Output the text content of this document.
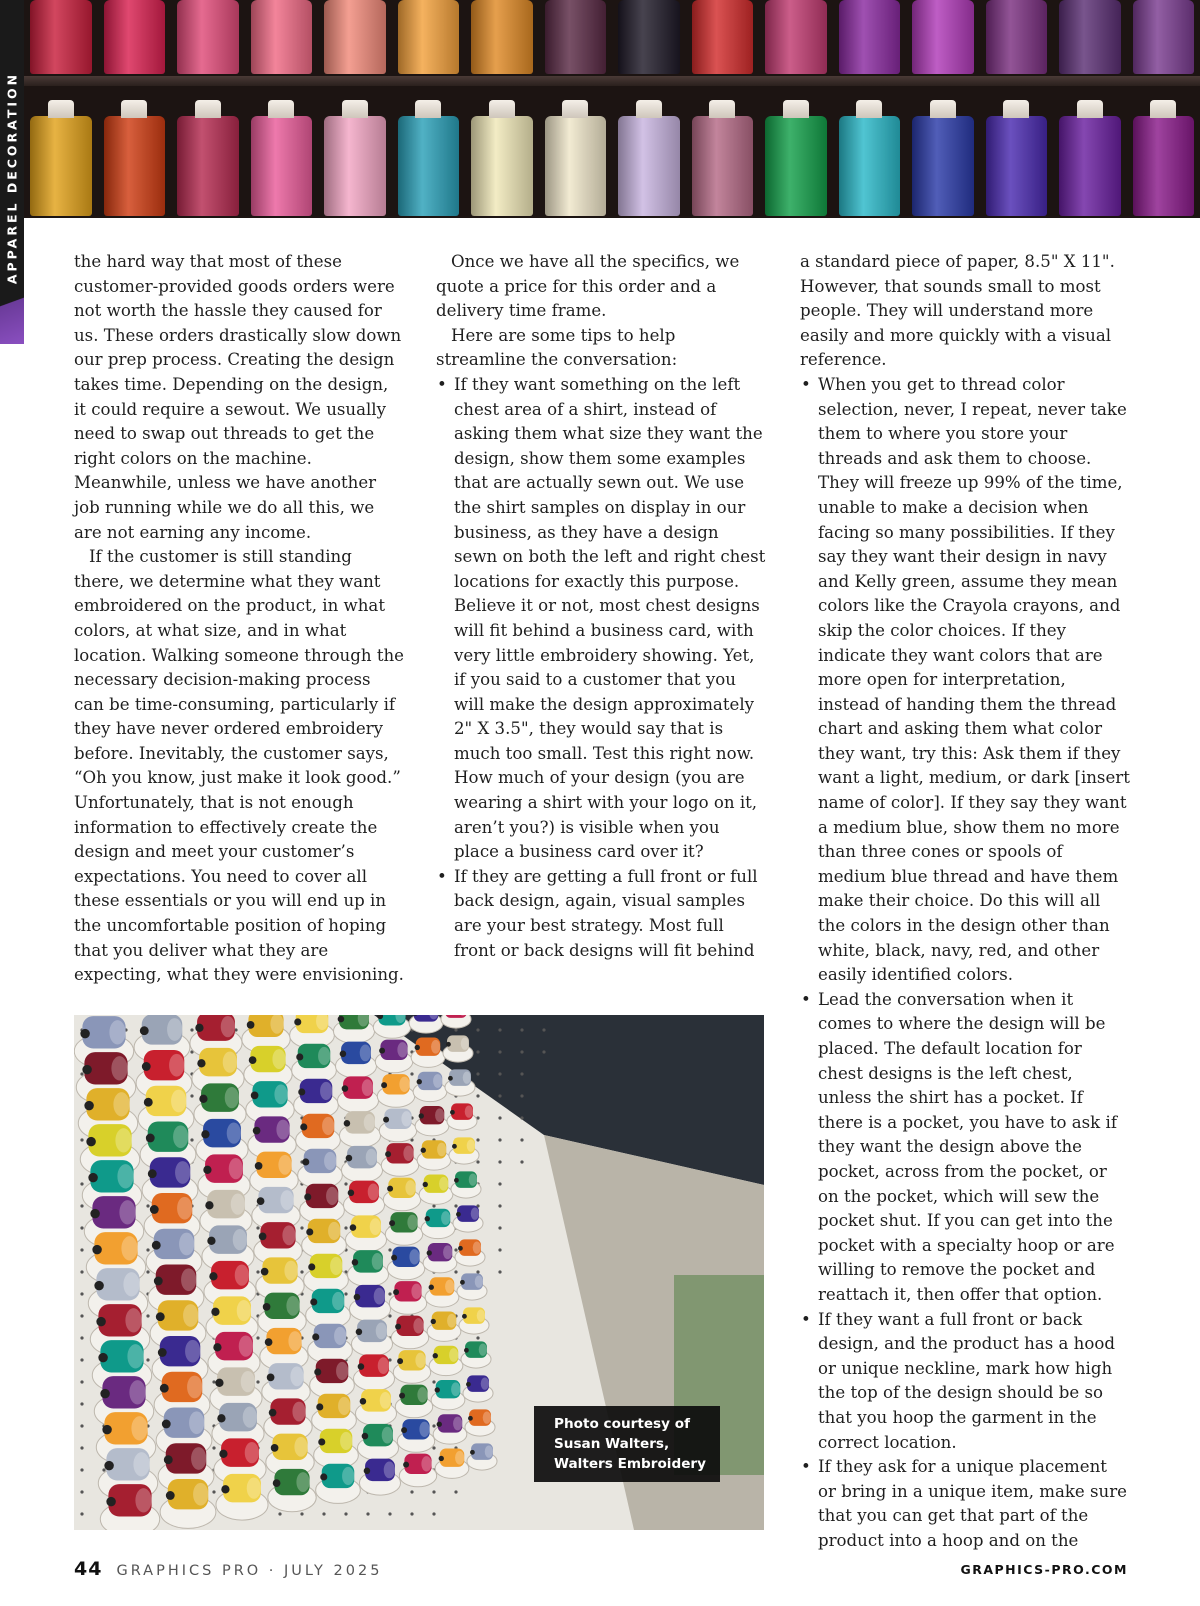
APPAREL DECORATION	the hard way that most of these customer-provided goods orders were not worth the hassle they caused for us. These orders drastically slow down our prep process. Creating the design takes time. Depending on the design, it could require a sewout. We usually need to swap out threads to get the right colors on the machine. Meanwhile, unless we have another job running while we do all this, we are not earning any income.

If the customer is still standing there, we determine what they want embroidered on the product, in what colors, at what size, and in what location. Walking someone through the necessary decision-making process can be time-consuming, particularly if they have never ordered embroidery before. Inevitably, the customer says, “Oh you know, just make it look good.” Unfortunately, that is not enough information to effectively create the design and meet your customer’s expectations. You need to cover all these essentials or you will end up in the uncomfortable position of hoping that you deliver what they are expecting, what they were envisioning.

Once we have all the specifics, we quote a price for this order and a delivery time frame.

Here are some tips to help streamline the conversation:

• If they want something on the left chest area of a shirt, instead of asking them what size they want the design, show them some examples that are actually sewn out. We use the shirt samples on display in our business, as they have a design sewn on both the left and right chest locations for exactly this purpose. Believe it or not, most chest designs will fit behind a business card, with very little embroidery showing. Yet, if you said to a customer that you will make the design approximately 2" X 3.5", they would say that is much too small. Test this right now. How much of your design (you are wearing a shirt with your logo on it, aren’t you?) is visible when you place a business card over it?
• If they are getting a full front or full back design, again, visual samples are your best strategy. Most full front or back designs will fit behind

a standard piece of paper, 8.5" X 11". However, that sounds small to most people. They will understand more easily and more quickly with a visual reference.

• When you get to thread color selection, never, I repeat, never take them to where you store your threads and ask them to choose. They will freeze up 99% of the time, unable to make a decision when facing so many possibilities. If they say they want their design in navy and Kelly green, assume they mean colors like the Crayola crayons, and skip the color choices. If they indicate they want colors that are more open for interpretation, instead of handing them the thread chart and asking them what color they want, try this: Ask them if they want a light, medium, or dark [insert name of color]. If they say they want a medium blue, show them no more than three cones or spools of medium blue thread and have them make their choice. Do this will all the colors in the design other than white, black, navy, red, and other easily identified colors.
• Lead the conversation when it comes to where the design will be placed. The default location for chest designs is the left chest, unless the shirt has a pocket. If there is a pocket, you have to ask if they want the design above the pocket, across from the pocket, or on the pocket, which will sew the pocket shut. If you can get into the pocket with a specialty hoop or are willing to remove the pocket and reattach it, then offer that option.
• If they want a full front or back design, and the product has a hood or unique neckline, mark how high the top of the design should be so that you hoop the garment in the correct location.
• If they ask for a unique placement or bring in a unique item, make sure that you can get that part of the product into a hoop and on the
Photo courtesy of
Susan Walters,
Walters Embroidery
44 GRAPHICS PRO · JULY 2025	GRAPHICS-PRO.COM
